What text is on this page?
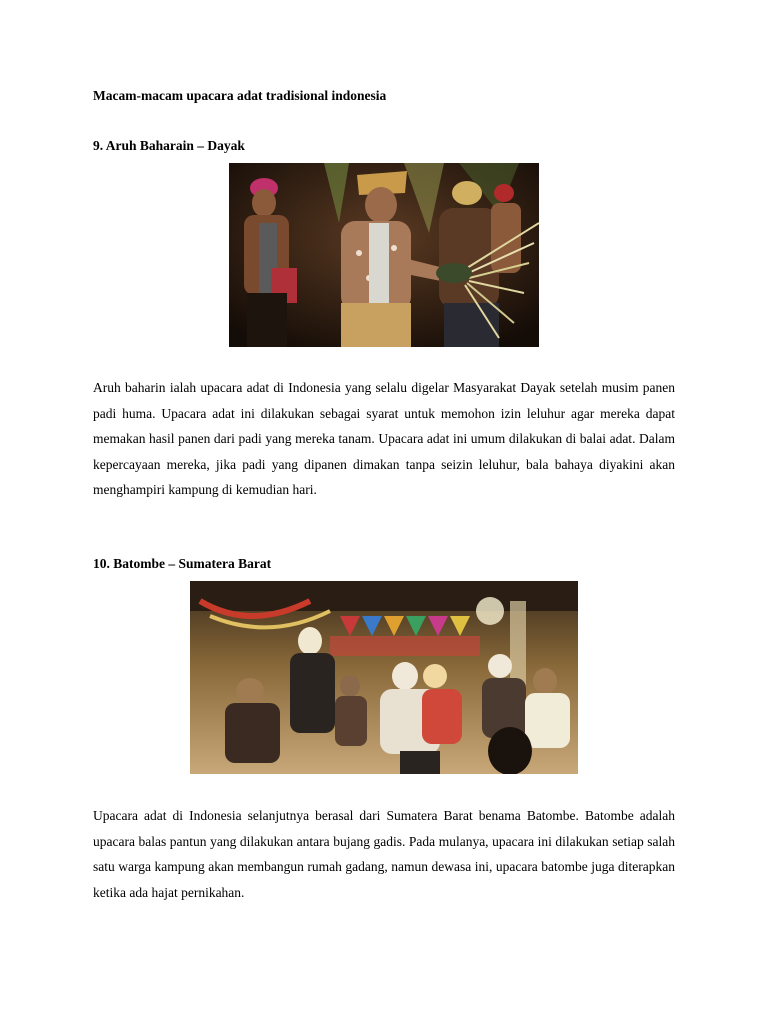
Macam-macam upacara adat tradisional indonesia
9. Aruh Baharain – Dayak

Aruh baharin ialah upacara adat di Indonesia yang selalu digelar Masyarakat Dayak setelah musim panen padi huma. Upacara adat ini dilakukan sebagai syarat untuk memohon izin leluhur agar mereka dapat memakan hasil panen dari padi yang mereka tanam. Upacara adat ini umum dilakukan di balai adat. Dalam kepercayaan mereka, jika padi yang dipanen dimakan tanpa seizin leluhur, bala bahaya diyakini akan menghampiri kampung di kemudian hari.

10. Batombe – Sumatera Barat

Upacara adat di Indonesia selanjutnya berasal dari Sumatera Barat benama Batombe. Batombe adalah upacara balas pantun yang dilakukan antara bujang gadis. Pada mulanya, upacara ini dilakukan setiap salah satu warga kampung akan membangun rumah gadang, namun dewasa ini, upacara batombe juga diterapkan ketika ada hajat pernikahan.
